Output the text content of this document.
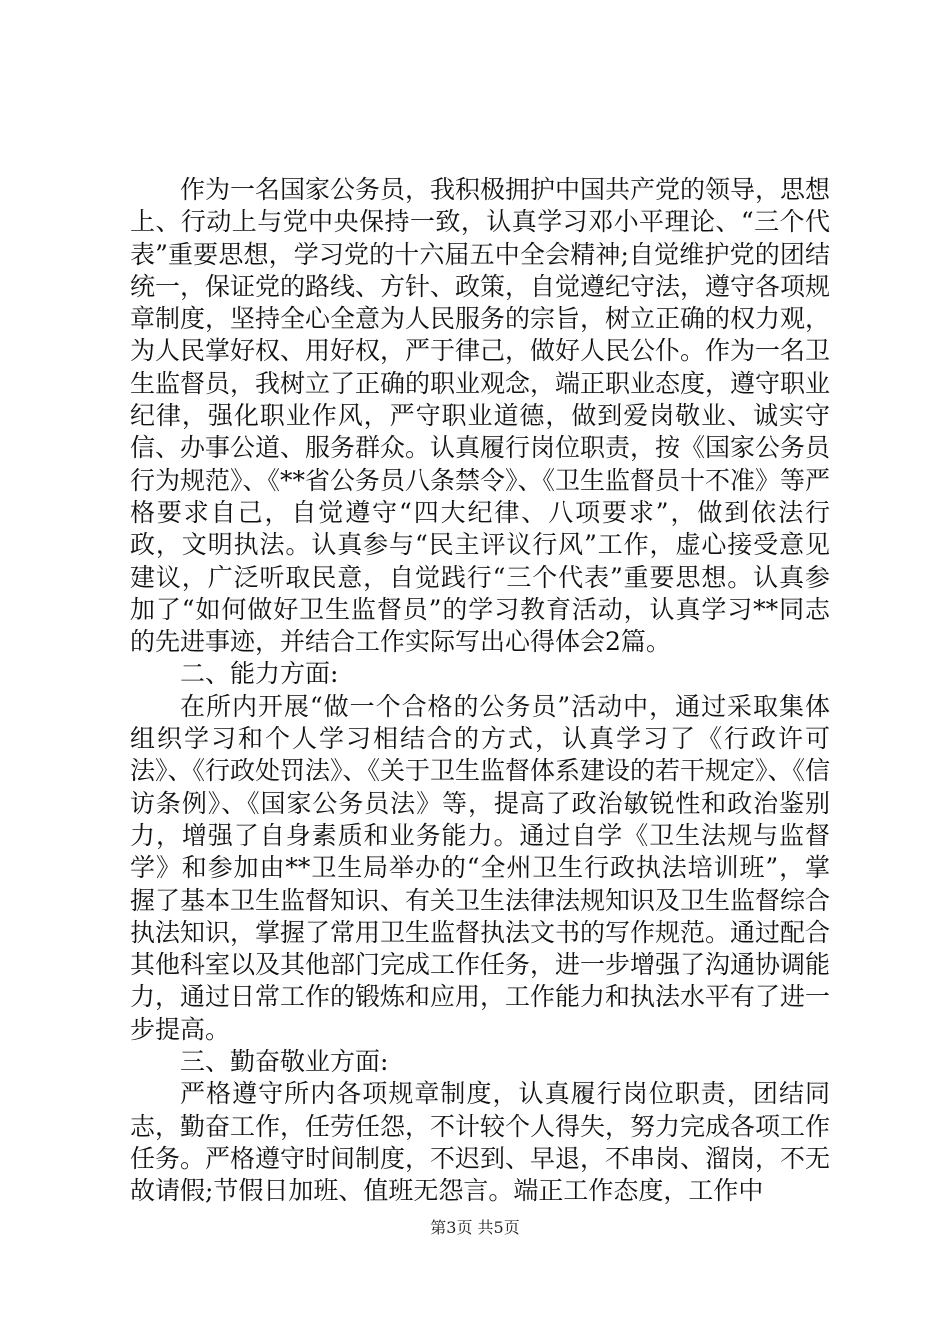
作为一名国家公务员，我积极拥护中国共产党的领导，思想上、行动上与党中央保持一致，认真学习邓小平理论、“三个代表”重要思想，学习党的十六届五中全会精神;自觉维护党的团结统一，保证党的路线、方针、政策，自觉遵纪守法，遵守各项规章制度，坚持全心全意为人民服务的宗旨，树立正确的权力观，为人民掌好权、用好权，严于律己，做好人民公仆。作为一名卫生监督员，我树立了正确的职业观念，端正职业态度，遵守职业纪律，强化职业作风，严守职业道德，做到爱岗敬业、诚实守信、办事公道、服务群众。认真履行岗位职责，按《国家公务员行为规范》、《**省公务员八条禁令》、《卫生监督员十不准》等严格要求自己，自觉遵守“四大纪律、八项要求”，做到依法行政，文明执法。认真参与“民主评议行风”工作，虚心接受意见建议，广泛听取民意，自觉践行“三个代表”重要思想。认真参加了“如何做好卫生监督员”的学习教育活动，认真学习**同志的先进事迹，并结合工作实际写出心得体会2篇。

二、能力方面:

在所内开展“做一个合格的公务员”活动中，通过采取集体组织学习和个人学习相结合的方式，认真学习了《行政许可法》、《行政处罚法》、《关于卫生监督体系建设的若干规定》、《信访条例》、《国家公务员法》等，提高了政治敏锐性和政治鉴别力，增强了自身素质和业务能力。通过自学《卫生法规与监督学》和参加由**卫生局举办的“全州卫生行政执法培训班”，掌握了基本卫生监督知识、有关卫生法律法规知识及卫生监督综合执法知识，掌握了常用卫生监督执法文书的写作规范。通过配合其他科室以及其他部门完成工作任务，进一步增强了沟通协调能力，通过日常工作的锻炼和应用，工作能力和执法水平有了进一步提高。

三、勤奋敬业方面:

严格遵守所内各项规章制度，认真履行岗位职责，团结同志，勤奋工作，任劳任怨，不计较个人得失，努力完成各项工作任务。严格遵守时间制度，不迟到、早退，不串岗、溜岗，不无故请假;节假日加班、值班无怨言。端正工作态度，工作中

第3页 共5页
